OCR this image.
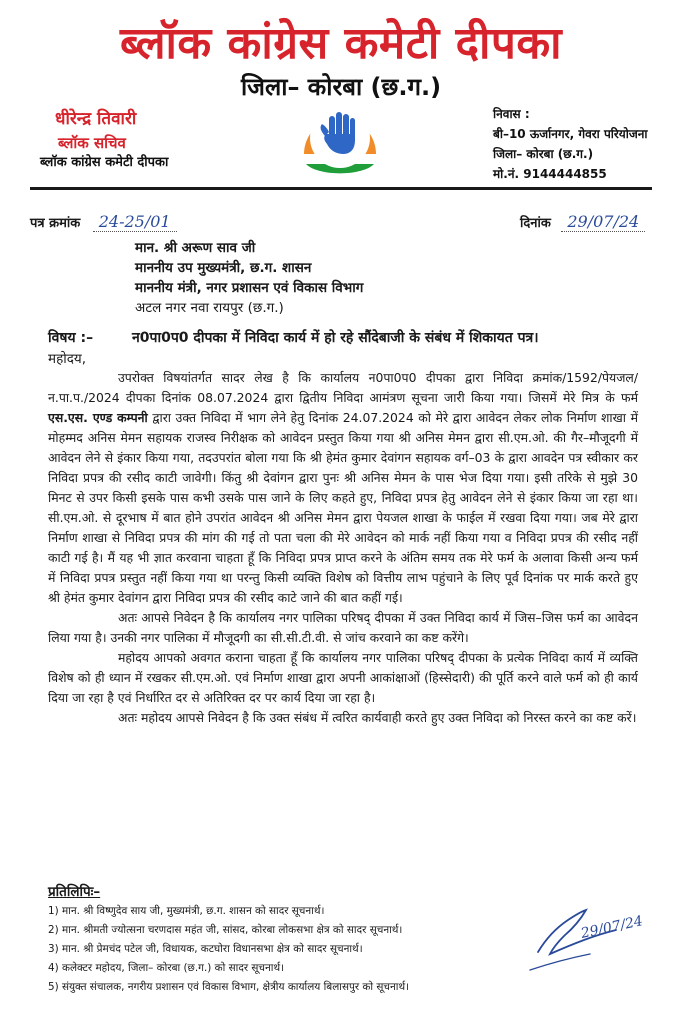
ब्लॉक कांग्रेस कमेटी दीपका
जिला– कोरबा (छ.ग.)
धीरेन्द्र तिवारी
ब्लॉक सचिव
ब्लॉक कांग्रेस कमेटी दीपका
निवास :
बी–10 ऊर्जानगर, गेवरा परियोजना
जिला– कोरबा (छ.ग.)
मो.नं. 9144444855
पत्र क्रमांक 24-25/01	दिनांक 29/07/24
मान. श्री अरूण साव जी
माननीय उप मुख्यमंत्री, छ.ग. शासन
माननीय मंत्री, नगर प्रशासन एवं विकास विभाग
अटल नगर नवा रायपुर (छ.ग.)
विषय :–	न0पा0प0 दीपका में निविदा कार्य में हो रहे सौंदेबाजी के संबंध में शिकायत पत्र।
महोदय,

उपरोक्त विषयांतर्गत सादर लेख है कि कार्यालय न0पा0प0 दीपका द्वारा निविदा क्रमांक/1592/पेयजल/न.पा.प./2024 दीपका दिनांक 08.07.2024 द्वारा द्वितीय निविदा आमंत्रण सूचना जारी किया गया। जिसमें मेरे मित्र के फर्म एस.एस. एण्ड कम्पनी द्वारा उक्त निविदा में भाग लेने हेतु दिनांक 24.07.2024 को मेरे द्वारा आवेदन लेकर लोक निर्माण शाखा में मोहम्मद अनिस मेमन सहायक राजस्व निरीक्षक को आवेदन प्रस्तुत किया गया श्री अनिस मेमन द्वारा सी.एम.ओ. की गैर–मौजूदगी में आवेदन लेने से इंकार किया गया, तदउपरांत बोला गया कि श्री हेमंत कुमार देवांगन सहायक वर्ग–03 के द्वारा आवदेन पत्र स्वीकार कर निविदा प्रपत्र की रसीद काटी जावेगी। किंतु श्री देवांगन द्वारा पुनः श्री अनिस मेमन के पास भेज दिया गया। इसी तरिके से मुझे 30 मिनट से उपर किसी इसके पास कभी उसके पास जाने के लिए कहते हुए, निविदा प्रपत्र हेतु आवेदन लेने से इंकार किया जा रहा था। सी.एम.ओ. से दूरभाष में बात होने उपरांत आवेदन श्री अनिस मेमन द्वारा पेयजल शाखा के फाईल में रखवा दिया गया। जब मेरे द्वारा निर्माण शाखा से निविदा प्रपत्र की मांग की गई तो पता चला की मेरे आवेदन को मार्क नहीं किया गया व निविदा प्रपत्र की रसीद नहीं काटी गई है। मैं यह भी ज्ञात करवाना चाहता हूँ कि निविदा प्रपत्र प्राप्त करने के अंतिम समय तक मेरे फर्म के अलावा किसी अन्य फर्म में निविदा प्रपत्र प्रस्तुत नहीं किया गया था परन्तु किसी व्यक्ति विशेष को वित्तीय लाभ पहुंचाने के लिए पूर्व दिनांक पर मार्क करते हुए श्री हेमंत कुमार देवांगन द्वारा निविदा प्रपत्र की रसीद काटे जाने की बात कहीं गई।

अतः आपसे निवेदन है कि कार्यालय नगर पालिका परिषद् दीपका में उक्त निविदा कार्य में जिस–जिस फर्म का आवेदन लिया गया है। उनकी नगर पालिका में मौजूदगी का सी.सी.टी.वी. से जांच करवाने का कष्ट करेंगे।

महोदय आपको अवगत कराना चाहता हूँ कि कार्यालय नगर पालिका परिषद् दीपका के प्रत्येक निविदा कार्य में व्यक्ति विशेष को ही ध्यान में रखकर सी.एम.ओ. एवं निर्माण शाखा द्वारा अपनी आकांक्षाओं (हिस्सेदारी) की पूर्ति करने वाले फर्म को ही कार्य दिया जा रहा है एवं निर्धारित दर से अतिरिक्त दर पर कार्य दिया जा रहा है।

अतः महोदय आपसे निवेदन है कि उक्त संबंध में त्वरित कार्यवाही करते हुए उक्त निविदा को निरस्त करने का कष्ट करें।

प्रतिलिपिः–
1) मान. श्री विष्णुदेव साय जी, मुख्यमंत्री, छ.ग. शासन को सादर सूचनार्थ।
2) मान. श्रीमती ज्योत्सना चरणदास महंत जी, सांसद, कोरबा लोकसभा क्षेत्र को सादर सूचनार्थ।
3) मान. श्री प्रेमचंद पटेल जी, विधायक, कटघोरा विधानसभा क्षेत्र को सादर सूचनार्थ।
4) कलेक्टर महोदय, जिला– कोरबा (छ.ग.) को सादर सूचनार्थ।
5) संयुक्त संचालक, नगरीय प्रशासन एवं विकास विभाग, क्षेत्रीय कार्यालय बिलासपुर को सूचनार्थ।
29/07/24
